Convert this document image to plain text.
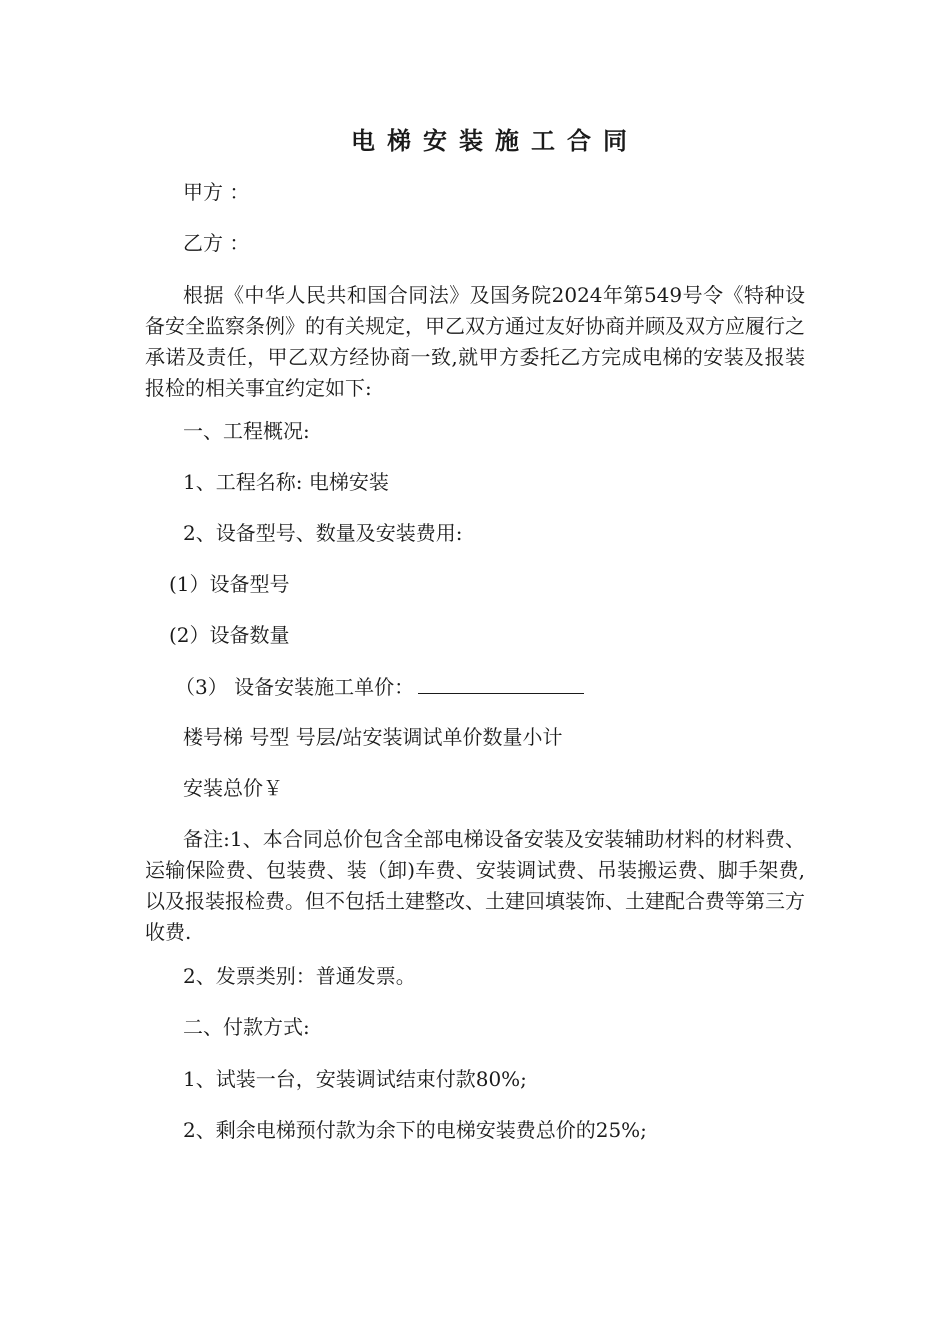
电梯安装施工合同
甲方 ：
乙方 ：
根据《中华人民共和国合同法》及国务院2024年第549号令《特种设备安全监察条例》的有关规定，甲乙双方通过友好协商并顾及双方应履行之承诺及责任，甲乙双方经协商一致,就甲方委托乙方完成电梯的安装及报装报检的相关事宜约定如下:
一、工程概况:
1、工程名称: 电梯安装
2、设备型号、数量及安装费用:
(1）设备型号
(2）设备数量
（3） 设备安装施工单价：
楼号梯 号型 号层/站安装调试单价数量小计
安装总价￥
备注:1、本合同总价包含全部电梯设备安装及安装辅助材料的材料费、运输保险费、包装费、装（卸)车费、安装调试费、吊装搬运费、脚手架费,以及报装报检费。但不包括土建整改、土建回填装饰、土建配合费等第三方收费.
2、发票类别：普通发票。
二、付款方式:
1、试装一台，安装调试结束付款80%;
2、剩余电梯预付款为余下的电梯安装费总价的25%;
